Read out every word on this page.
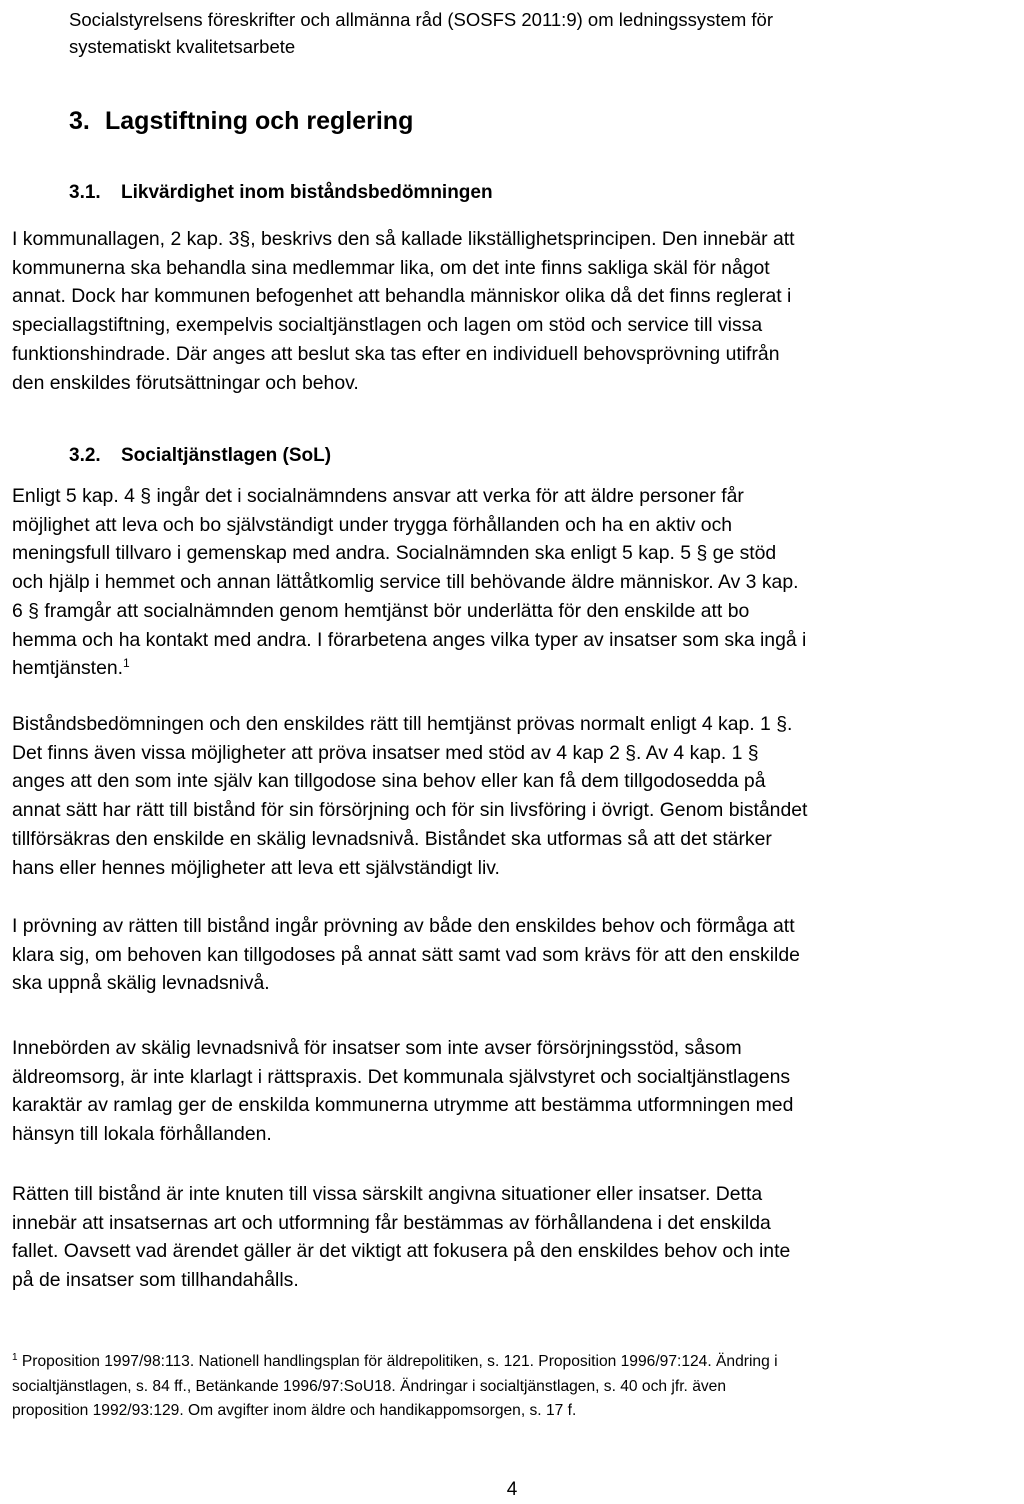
Socialstyrelsens föreskrifter och allmänna råd (SOSFS 2011:9) om ledningssystem för
systematiskt kvalitetsarbete
3. Lagstiftning och reglering
3.1. Likvärdighet inom biståndsbedömningen
I kommunallagen, 2 kap. 3§, beskrivs den så kallade likställighetsprincipen. Den innebär att
kommunerna ska behandla sina medlemmar lika, om det inte finns sakliga skäl för något
annat. Dock har kommunen befogenhet att behandla människor olika då det finns reglerat i
speciallagstiftning, exempelvis socialtjänstlagen och lagen om stöd och service till vissa
funktionshindrade. Där anges att beslut ska tas efter en individuell behovsprövning utifrån
den enskildes förutsättningar och behov.
3.2. Socialtjänstlagen (SoL)
Enligt 5 kap. 4 § ingår det i socialnämndens ansvar att verka för att äldre personer får
möjlighet att leva och bo självständigt under trygga förhållanden och ha en aktiv och
meningsfull tillvaro i gemenskap med andra. Socialnämnden ska enligt 5 kap. 5 § ge stöd
och hjälp i hemmet och annan lättåtkomlig service till behövande äldre människor. Av 3 kap.
6 § framgår att socialnämnden genom hemtjänst bör underlätta för den enskilde att bo
hemma och ha kontakt med andra. I förarbetena anges vilka typer av insatser som ska ingå i
hemtjänsten.$^1$
Biståndsbedömningen och den enskildes rätt till hemtjänst prövas normalt enligt 4 kap. 1 §.
Det finns även vissa möjligheter att pröva insatser med stöd av 4 kap 2 §. Av 4 kap. 1 §
anges att den som inte själv kan tillgodose sina behov eller kan få dem tillgodosedda på
annat sätt har rätt till bistånd för sin försörjning och för sin livsföring i övrigt. Genom biståndet
tillförsäkras den enskilde en skälig levnadsnivå. Biståndet ska utformas så att det stärker
hans eller hennes möjligheter att leva ett självständigt liv.
I prövning av rätten till bistånd ingår prövning av både den enskildes behov och förmåga att
klara sig, om behoven kan tillgodoses på annat sätt samt vad som krävs för att den enskilde
ska uppnå skälig levnadsnivå.
Innebörden av skälig levnadsnivå för insatser som inte avser försörjningsstöd, såsom
äldreomsorg, är inte klarlagt i rättspraxis. Det kommunala självstyret och socialtjänstlagens
karaktär av ramlag ger de enskilda kommunerna utrymme att bestämma utformningen med
hänsyn till lokala förhållanden.
Rätten till bistånd är inte knuten till vissa särskilt angivna situationer eller insatser. Detta
innebär att insatsernas art och utformning får bestämmas av förhållandena i det enskilda
fallet. Oavsett vad ärendet gäller är det viktigt att fokusera på den enskildes behov och inte
på de insatser som tillhandahålls.
$^1$ Proposition 1997/98:113. Nationell handlingsplan för äldrepolitiken, s. 121. Proposition 1996/97:124. Ändring i
socialtjänstlagen, s. 84 ff., Betänkande 1996/97:SoU18. Ändringar i socialtjänstlagen, s. 40 och jfr. även
proposition 1992/93:129. Om avgifter inom äldre och handikappomsorgen, s. 17 f.
4
